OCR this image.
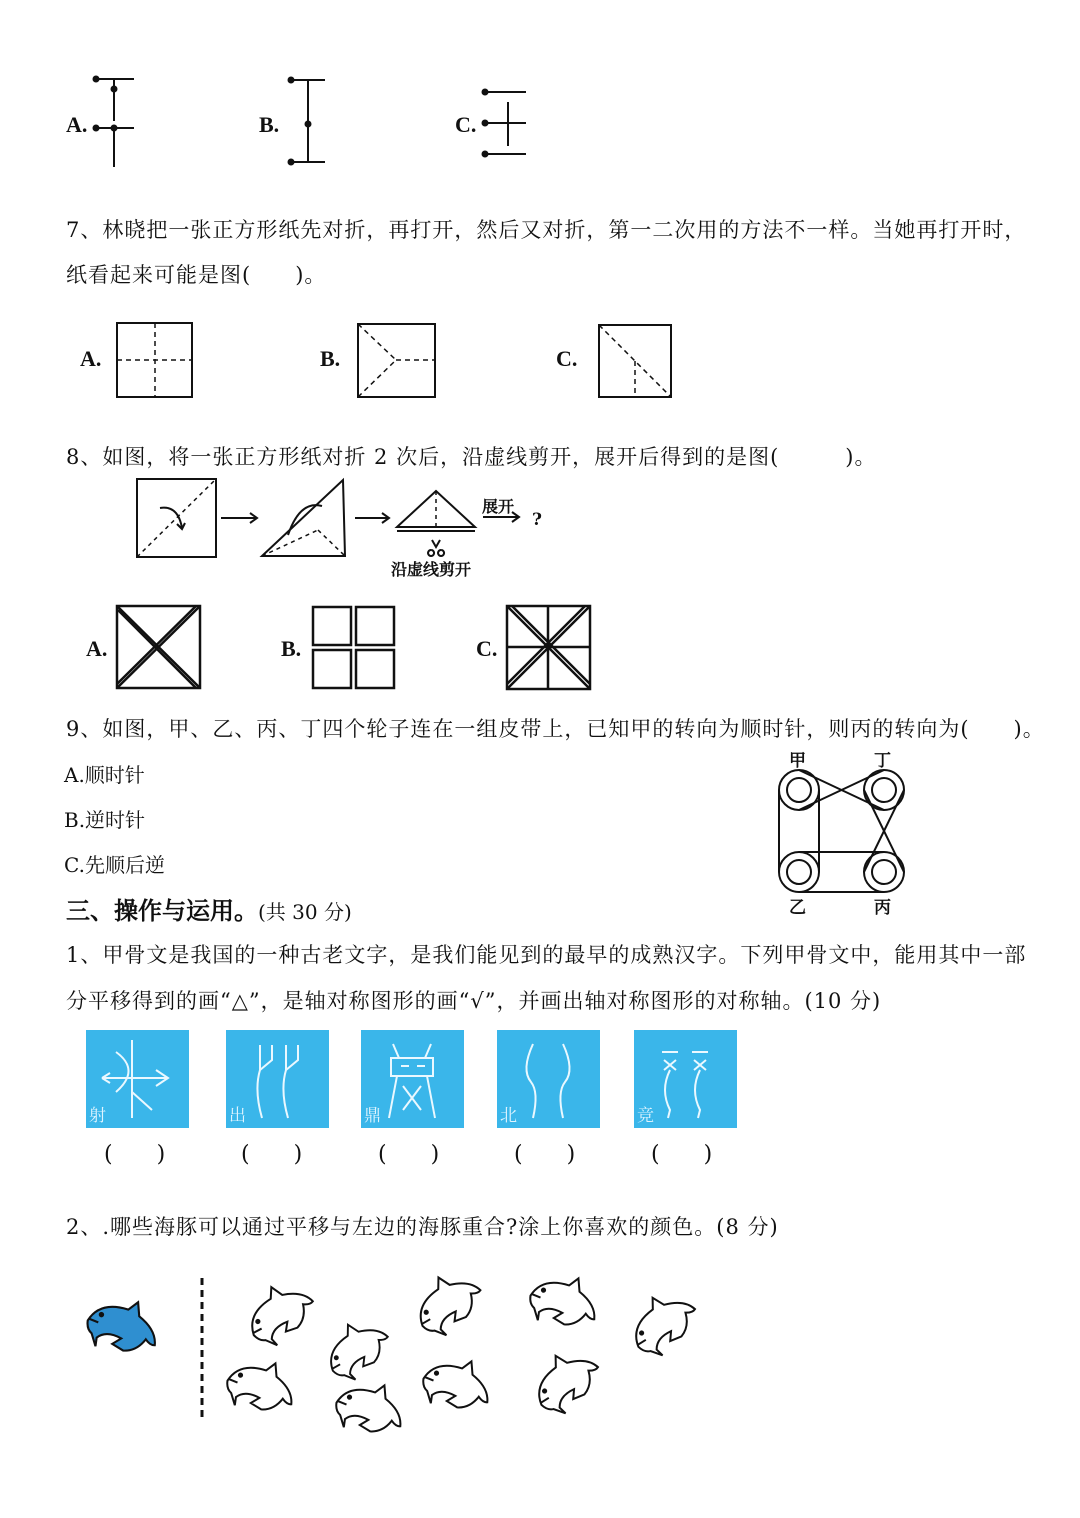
A.	B.	C.
7、林晓把一张正方形纸先对折，再打开，然后又对折，第一二次用的方法不一样。当她再打开时，
纸看起来可能是图(　　)。
A.	B.	C.
8、如图，将一张正方形纸对折 2 次后，沿虚线剪开，展开后得到的是图(　　　)。
展开
?
沿虚线剪开
A.	B.	C.
9、如图，甲、乙、丙、丁四个轮子连在一组皮带上，已知甲的转向为顺时针，则丙的转向为(　　)。
A.顺时针
B.逆时针
C.先顺后逆
甲	丁
乙	丙
三、操作与运用。(共 30 分)
1、甲骨文是我国的一种古老文字，是我们能见到的最早的成熟汉字。下列甲骨文中，能用其中一部
分平移得到的画“△”，是轴对称图形的画“√”，并画出轴对称图形的对称轴。(10 分)
射	出	鼎	北	竞
(　　)	(　　)	(　　)	(　　)	(　　)
2、.哪些海豚可以通过平移与左边的海豚重合?涂上你喜欢的颜色。(8 分)
